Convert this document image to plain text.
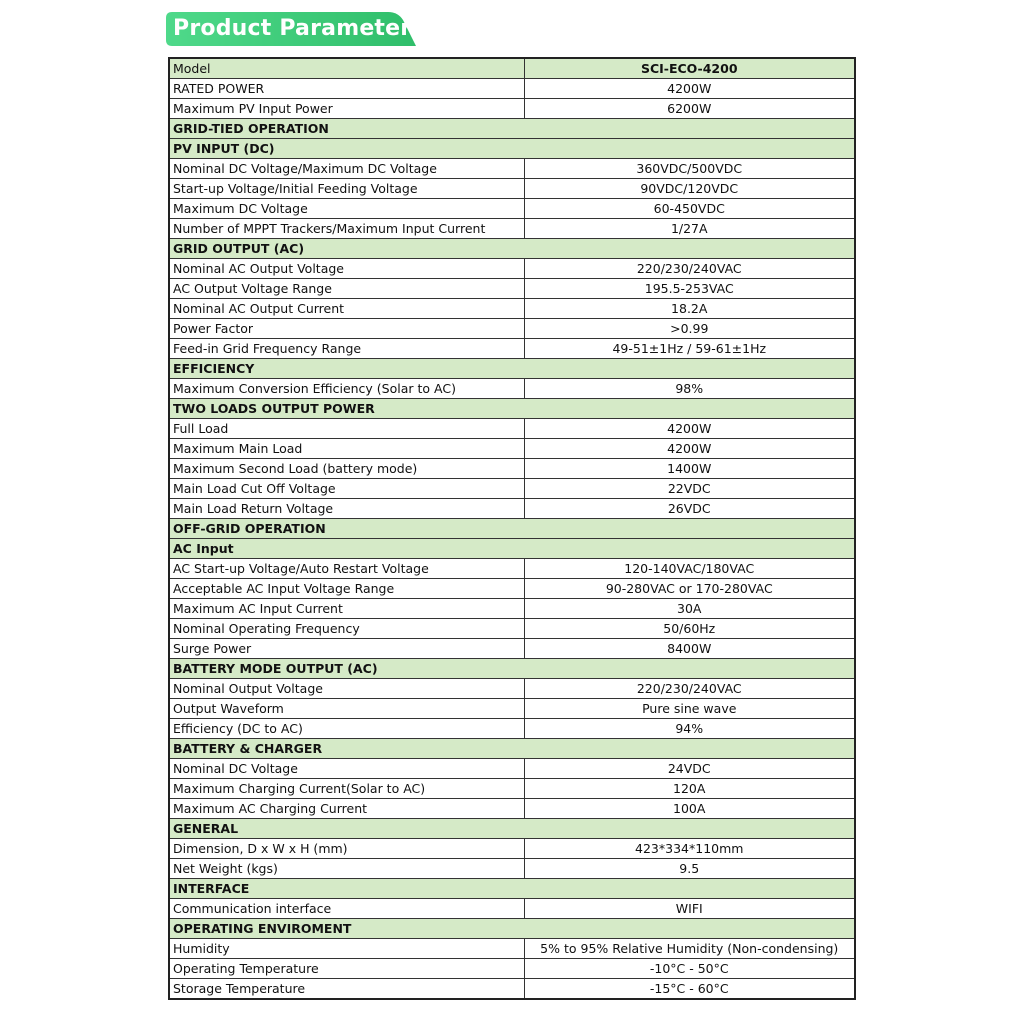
Product Parameter
Model	SCI-ECO-4200
RATED POWER	4200W
Maximum PV Input Power	6200W
GRID-TIED OPERATION	
PV INPUT (DC)	
Nominal DC Voltage/Maximum DC Voltage	360VDC/500VDC
Start-up Voltage/Initial Feeding Voltage	90VDC/120VDC
Maximum DC Voltage	60-450VDC
Number of MPPT Trackers/Maximum Input Current	1/27A
GRID OUTPUT (AC)	
Nominal AC Output Voltage	220/230/240VAC
AC Output Voltage Range	195.5-253VAC
Nominal AC Output Current	18.2A
Power Factor	>0.99
Feed-in Grid Frequency Range	49-51±1Hz / 59-61±1Hz
EFFICIENCY	
Maximum Conversion Efficiency (Solar to AC)	98%
TWO LOADS OUTPUT POWER	
Full Load	4200W
Maximum Main Load	4200W
Maximum Second Load (battery mode)	1400W
Main Load Cut Off Voltage	22VDC
Main Load Return Voltage	26VDC
OFF-GRID OPERATION	
AC Input	
AC Start-up Voltage/Auto Restart Voltage	120-140VAC/180VAC
Acceptable AC Input Voltage Range	90-280VAC or 170-280VAC
Maximum AC Input Current	30A
Nominal Operating Frequency	50/60Hz
Surge Power	8400W
BATTERY MODE OUTPUT (AC)	
Nominal Output Voltage	220/230/240VAC
Output Waveform	Pure sine wave
Efficiency (DC to AC)	94%
BATTERY & CHARGER	
Nominal DC Voltage	24VDC
Maximum Charging Current(Solar to AC)	120A
Maximum AC Charging Current	100A
GENERAL	
Dimension, D x W x H (mm)	423*334*110mm
Net Weight (kgs)	9.5
INTERFACE	
Communication interface	WIFI
OPERATING ENVIROMENT	
Humidity	5% to 95% Relative Humidity (Non-condensing)
Operating Temperature	-10°C - 50°C
Storage Temperature	-15°C - 60°C
